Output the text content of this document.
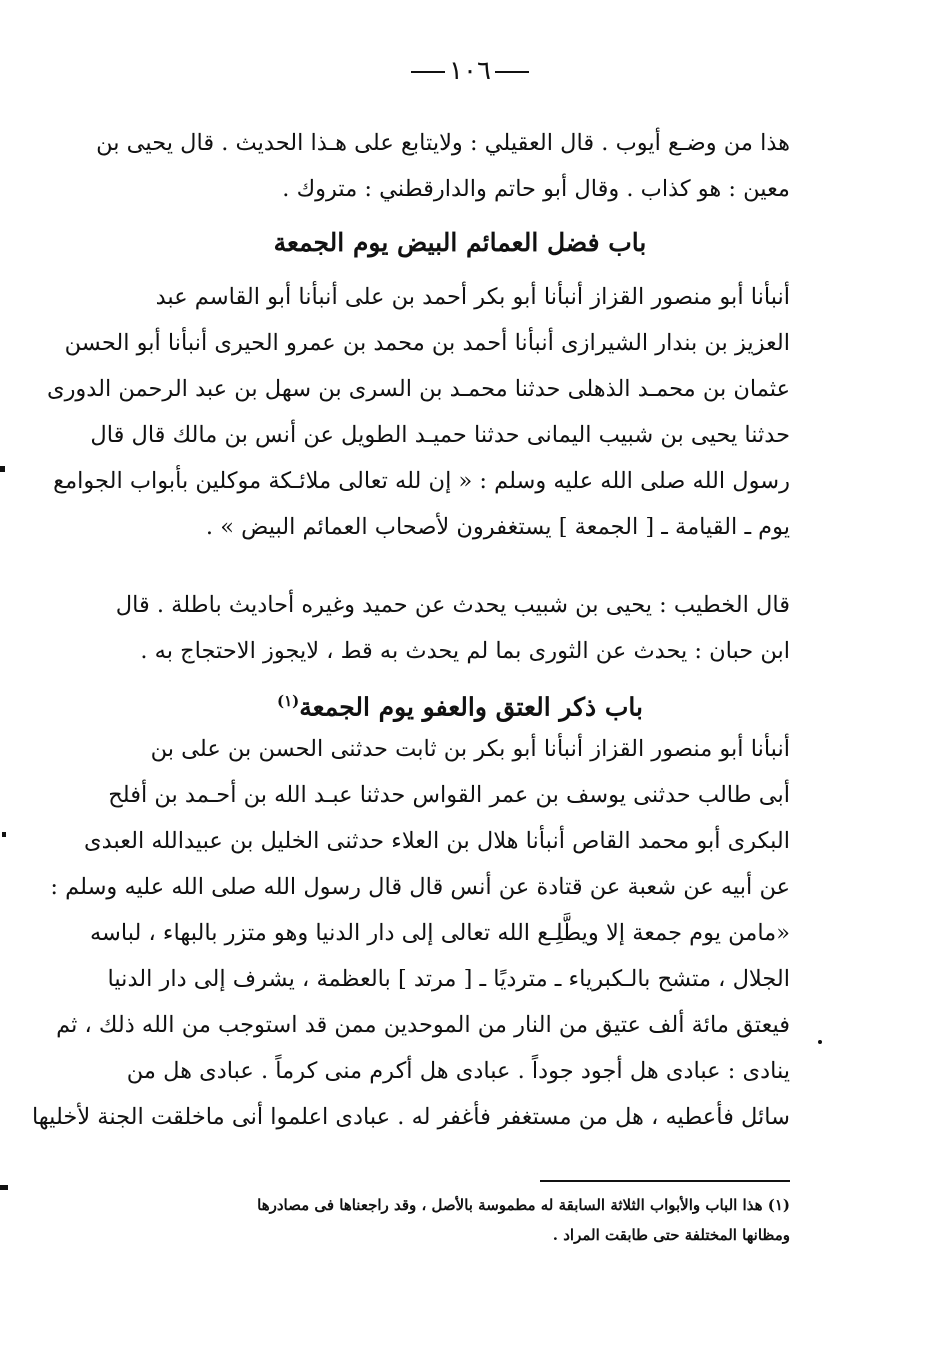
١٠٦
هذا من وضـع أيوب . قال العقيلي : ولايتابع على هـذا الحديث . قال يحيى بن
معين : هو كذاب . وقال أبو حاتم والدارقطني : متروك .
باب فضل العمائم البيض يوم الجمعة
أنبأنا أبو منصور القزاز أنبأنا أبو بكر أحمد بن على أنبأنا أبو القاسم عبد
العزيز بن بندار الشيرازى أنبأنا أحمد بن محمد بن عمرو الحيرى أنبأنا أبو الحسن
عثمان بن محمـد الذهلى حدثنا محمـد بن السرى بن سهل بن عبد الرحمن الدورى
حدثنا يحيى بن شبيب اليمانى حدثنا حميـد الطويل عن أنس بن مالك قال قال
رسول الله صلى الله عليه وسلم : « إن لله تعالى ملائـكة موكلين بأبواب الجوامع
يوم ـ القيامة ـ [ الجمعة ] يستغفرون لأصحاب العمائم البيض » .
قال الخطيب : يحيى بن شبيب يحدث عن حميد وغيره أحاديث باطلة . قال
ابن حبان : يحدث عن الثورى بما لم يحدث به قط ، لايجوز الاحتجاج به .
باب ذكر العتق والعفو يوم الجمعة$^{(١)}$
أنبأنا أبو منصور القزاز أنبأنا أبو بكر بن ثابت حدثنى الحسن بن على بن
أبى طالب حدثنى يوسف بن عمر القواس حدثنا عبـد الله بن أحـمد بن أفلح
البكرى أبو محمد القاص أنبأنا هلال بن العلاء حدثنى الخليل بن عبيدالله العبدى
عن أبيه عن شعبة عن قتادة عن أنس قال قال رسول الله صلى الله عليه وسلم :
«مامن يوم جمعة إلا ويطَّلِـع الله تعالى إلى دار الدنيا وهو متزر بالبهاء ، لباسه
الجلال ، متشح بالـكبرياء ـ مترديًا ـ [ مرتد ] بالعظمة ، يشرف إلى دار الدنيا
فيعتق مائة ألف عتيق من النار من الموحدين ممن قد استوجب من الله ذلك ، ثم
ينادى : عبادى هل أجود جوداً . عبادى هل أكرم منى كرماً . عبادى هل من
سائل فأعطيه ، هل من مستغفر فأغفر له . عبادى اعلموا أنى ماخلقت الجنة لأخليها
(١) هذا الباب والأبواب الثلاثة السابقة له مطموسة بالأصل ، وقد راجعناها فى مصادرها
ومظانها المختلفة حتى طابقت المراد .
